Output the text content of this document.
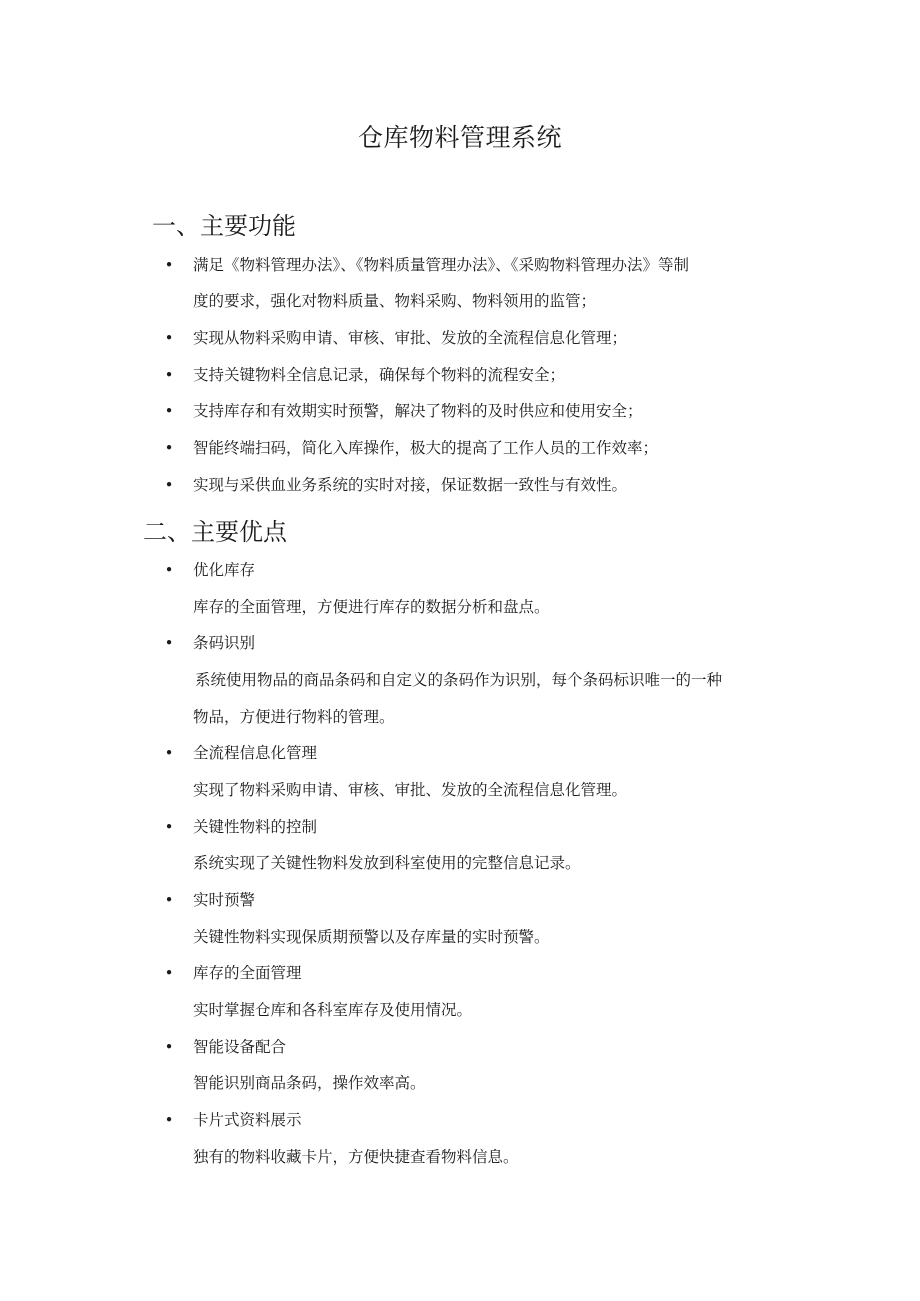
仓库物料管理系统
一、主要功能
• 满足《物料管理办法》、《物料质量管理办法》、《采购物料管理办法》等制
度的要求，强化对物料质量、物料采购、物料领用的监管；
• 实现从物料采购申请、审核、审批、发放的全流程信息化管理；
• 支持关键物料全信息记录，确保每个物料的流程安全；
• 支持库存和有效期实时预警，解决了物料的及时供应和使用安全；
• 智能终端扫码，简化入库操作，极大的提高了工作人员的工作效率；
• 实现与采供血业务系统的实时对接，保证数据一致性与有效性。
二、主要优点
• 优化库存
库存的全面管理，方便进行库存的数据分析和盘点。
• 条码识别
系统使用物品的商品条码和自定义的条码作为识别，每个条码标识唯一的一种
物品，方便进行物料的管理。
• 全流程信息化管理
实现了物料采购申请、审核、审批、发放的全流程信息化管理。
• 关键性物料的控制
系统实现了关键性物料发放到科室使用的完整信息记录。
• 实时预警
关键性物料实现保质期预警以及存库量的实时预警。
• 库存的全面管理
实时掌握仓库和各科室库存及使用情况。
• 智能设备配合
智能识别商品条码，操作效率高。
• 卡片式资料展示
独有的物料收藏卡片，方便快捷查看物料信息。
